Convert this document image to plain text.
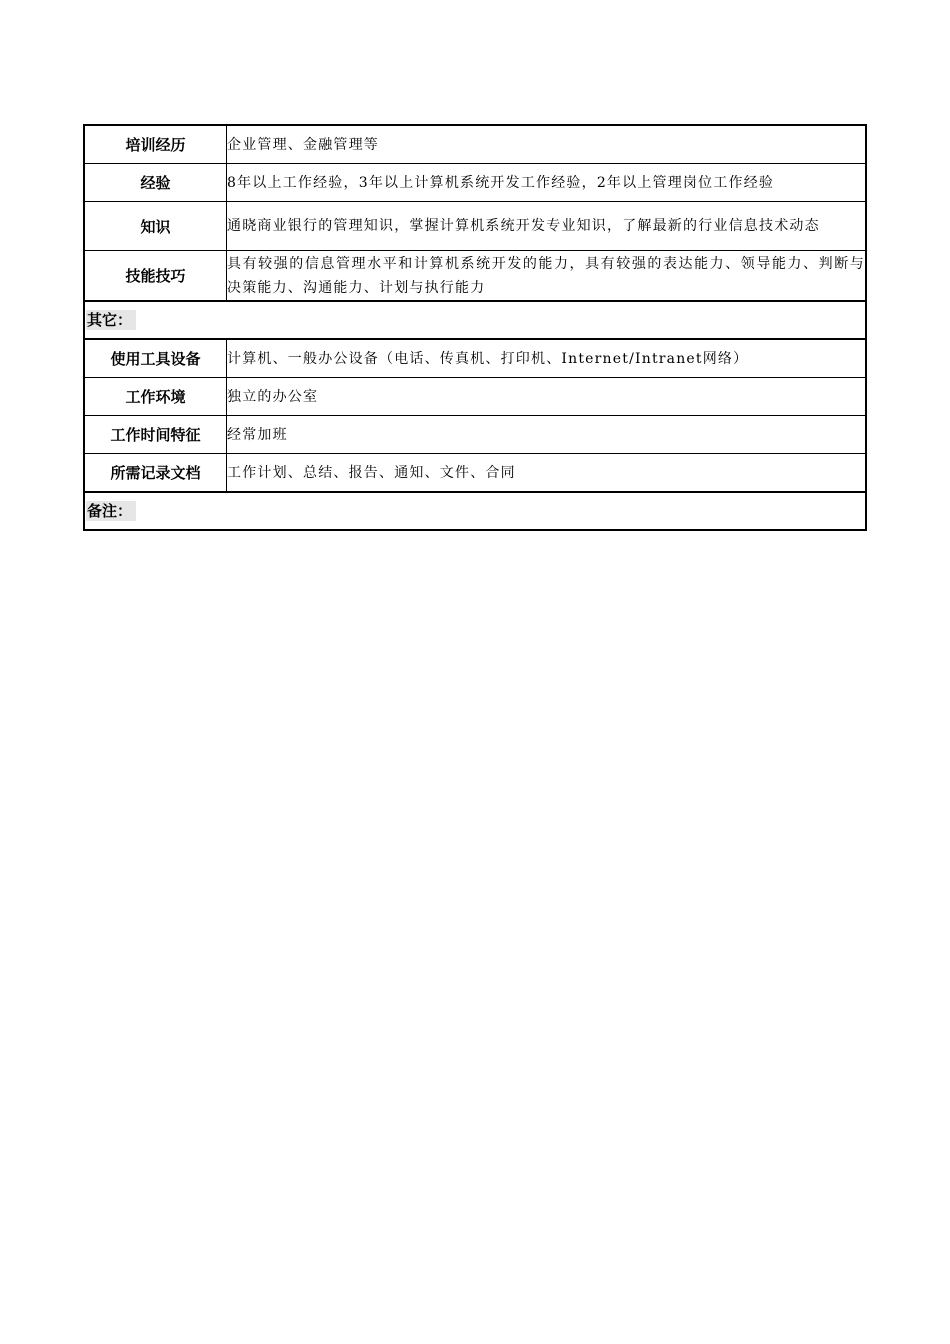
培训经历	企业管理、金融管理等
经验	8年以上工作经验，3年以上计算机系统开发工作经验，2年以上管理岗位工作经验
知识	通晓商业银行的管理知识，掌握计算机系统开发专业知识，了解最新的行业信息技术动态
技能技巧	具有较强的信息管理水平和计算机系统开发的能力，具有较强的表达能力、领导能力、判断与决策能力、沟通能力、计划与执行能力
其它：	
使用工具设备	计算机、一般办公设备（电话、传真机、打印机、Internet/Intranet网络）
工作环境	独立的办公室
工作时间特征	经常加班
所需记录文档	工作计划、总结、报告、通知、文件、合同
备注：	
